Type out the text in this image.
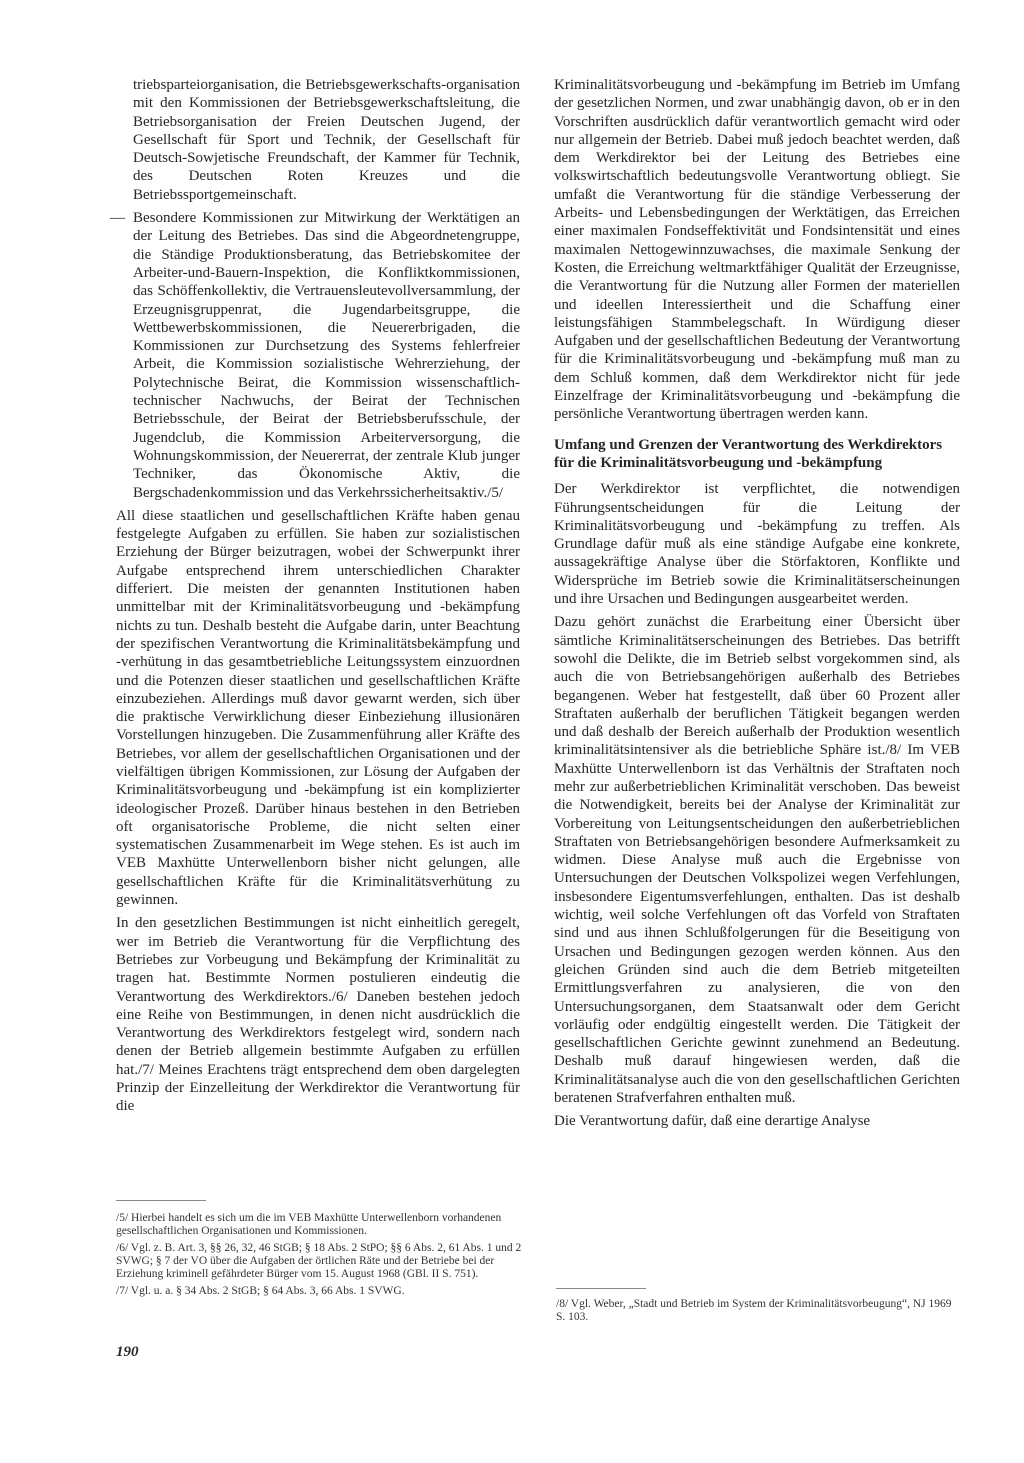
triebsparteiorganisation, die Betriebsgewerkschafts-organisation mit den Kommissionen der Betriebsgewerkschaftsleitung, die Betriebsorganisation der Freien Deutschen Jugend, der Gesellschaft für Sport und Technik, der Gesellschaft für Deutsch-Sowjetische Freundschaft, der Kammer für Technik, des Deutschen Roten Kreuzes und die Betriebssportgemeinschaft.

— Besondere Kommissionen zur Mitwirkung der Werktätigen an der Leitung des Betriebes. Das sind die Abgeordnetengruppe, die Ständige Produktionsberatung, das Betriebskomitee der Arbeiter-und-Bauern-Inspektion, die Konfliktkommissionen, das Schöffenkollektiv, die Vertrauensleutevollversammlung, der Erzeugnisgruppenrat, die Jugendarbeitsgruppe, die Wettbewerbskommissionen, die Neuererbrigaden, die Kommissionen zur Durchsetzung des Systems fehlerfreier Arbeit, die Kommission sozialistische Wehrerziehung, der Polytechnische Beirat, die Kommission wissenschaftlich-technischer Nachwuchs, der Beirat der Technischen Betriebsschule, der Beirat der Betriebsberufsschule, der Jugendclub, die Kommission Arbeiterversorgung, die Wohnungskommission, der Neuererrat, der zentrale Klub junger Techniker, das Ökonomische Aktiv, die Bergschadenkommission und das Verkehrssicherheitsaktiv./5/

All diese staatlichen und gesellschaftlichen Kräfte haben genau festgelegte Aufgaben zu erfüllen. Sie haben zur sozialistischen Erziehung der Bürger beizutragen, wobei der Schwerpunkt ihrer Aufgabe entsprechend ihrem unterschiedlichen Charakter differiert. Die meisten der genannten Institutionen haben unmittelbar mit der Kriminalitätsvorbeugung und -bekämpfung nichts zu tun. Deshalb besteht die Aufgabe darin, unter Beachtung der spezifischen Verantwortung die Kriminalitätsbekämpfung und -verhütung in das gesamtbetriebliche Leitungssystem einzuordnen und die Potenzen dieser staatlichen und gesellschaftlichen Kräfte einzubeziehen. Allerdings muß davor gewarnt werden, sich über die praktische Verwirklichung dieser Einbeziehung illusionären Vorstellungen hinzugeben. Die Zusammenführung aller Kräfte des Betriebes, vor allem der gesellschaftlichen Organisationen und der vielfältigen übrigen Kommissionen, zur Lösung der Aufgaben der Kriminalitätsvorbeugung und -bekämpfung ist ein komplizierter ideologischer Prozeß. Darüber hinaus bestehen in den Betrieben oft organisatorische Probleme, die nicht selten einer systematischen Zusammenarbeit im Wege stehen. Es ist auch im VEB Maxhütte Unterwellenborn bisher nicht gelungen, alle gesellschaftlichen Kräfte für die Kriminalitätsverhütung zu gewinnen.

In den gesetzlichen Bestimmungen ist nicht einheitlich geregelt, wer im Betrieb die Verantwortung für die Verpflichtung des Betriebes zur Vorbeugung und Bekämpfung der Kriminalität zu tragen hat. Bestimmte Normen postulieren eindeutig die Verantwortung des Werkdirektors./6/ Daneben bestehen jedoch eine Reihe von Bestimmungen, in denen nicht ausdrücklich die Verantwortung des Werkdirektors festgelegt wird, sondern nach denen der Betrieb allgemein bestimmte Aufgaben zu erfüllen hat./7/ Meines Erachtens trägt entsprechend dem oben dargelegten Prinzip der Einzelleitung der Werkdirektor die Verantwortung für die

/5/ Hierbei handelt es sich um die im VEB Maxhütte Unterwellenborn vorhandenen gesellschaftlichen Organisationen und Kommissionen.

/6/ Vgl. z. B. Art. 3, §§ 26, 32, 46 StGB; § 18 Abs. 2 StPO; §§ 6 Abs. 2, 61 Abs. 1 und 2 SVWG; § 7 der VO über die Aufgaben der örtlichen Räte und der Betriebe bei der Erziehung kriminell gefährdeter Bürger vom 15. August 1968 (GBl. II S. 751).

/7/ Vgl. u. a. § 34 Abs. 2 StGB; § 64 Abs. 3, 66 Abs. 1 SVWG.

190

Kriminalitätsvorbeugung und -bekämpfung im Betrieb im Umfang der gesetzlichen Normen, und zwar unabhängig davon, ob er in den Vorschriften ausdrücklich dafür verantwortlich gemacht wird oder nur allgemein der Betrieb. Dabei muß jedoch beachtet werden, daß dem Werkdirektor bei der Leitung des Betriebes eine volkswirtschaftlich bedeutungsvolle Verantwortung obliegt. Sie umfaßt die Verantwortung für die ständige Verbesserung der Arbeits- und Lebensbedingungen der Werktätigen, das Erreichen einer maximalen Fondseffektivität und Fondsintensität und eines maximalen Nettogewinnzuwachses, die maximale Senkung der Kosten, die Erreichung weltmarktfähiger Qualität der Erzeugnisse, die Verantwortung für die Nutzung aller Formen der materiellen und ideellen Interessiertheit und die Schaffung einer leistungsfähigen Stammbelegschaft. In Würdigung dieser Aufgaben und der gesellschaftlichen Bedeutung der Verantwortung für die Kriminalitätsvorbeugung und -bekämpfung muß man zu dem Schluß kommen, daß dem Werkdirektor nicht für jede Einzelfrage der Kriminalitätsvorbeugung und -bekämpfung die persönliche Verantwortung übertragen werden kann.

Umfang und Grenzen der Verantwortung des Werkdirektors für die Kriminalitätsvorbeugung und -bekämpfung

Der Werkdirektor ist verpflichtet, die notwendigen Führungsentscheidungen für die Leitung der Kriminalitätsvorbeugung und -bekämpfung zu treffen. Als Grundlage dafür muß als eine ständige Aufgabe eine konkrete, aussagekräftige Analyse über die Störfaktoren, Konflikte und Widersprüche im Betrieb sowie die Kriminalitätserscheinungen und ihre Ursachen und Bedingungen ausgearbeitet werden.

Dazu gehört zunächst die Erarbeitung einer Übersicht über sämtliche Kriminalitätserscheinungen des Betriebes. Das betrifft sowohl die Delikte, die im Betrieb selbst vorgekommen sind, als auch die von Betriebsangehörigen außerhalb des Betriebes begangenen. Weber hat festgestellt, daß über 60 Prozent aller Straftaten außerhalb der beruflichen Tätigkeit begangen werden und daß deshalb der Bereich außerhalb der Produktion wesentlich kriminalitätsintensiver als die betriebliche Sphäre ist./8/ Im VEB Maxhütte Unterwellenborn ist das Verhältnis der Straftaten noch mehr zur außerbetrieblichen Kriminalität verschoben. Das beweist die Notwendigkeit, bereits bei der Analyse der Kriminalität zur Vorbereitung von Leitungsentscheidungen den außerbetrieblichen Straftaten von Betriebsangehörigen besondere Aufmerksamkeit zu widmen. Diese Analyse muß auch die Ergebnisse von Untersuchungen der Deutschen Volkspolizei wegen Verfehlungen, insbesondere Eigentumsverfehlungen, enthalten. Das ist deshalb wichtig, weil solche Verfehlungen oft das Vorfeld von Straftaten sind und aus ihnen Schlußfolgerungen für die Beseitigung von Ursachen und Bedingungen gezogen werden können. Aus den gleichen Gründen sind auch die dem Betrieb mitgeteilten Ermittlungsverfahren zu analysieren, die von den Untersuchungsorganen, dem Staatsanwalt oder dem Gericht vorläufig oder endgültig eingestellt werden. Die Tätigkeit der gesellschaftlichen Gerichte gewinnt zunehmend an Bedeutung. Deshalb muß darauf hingewiesen werden, daß die Kriminalitätsanalyse auch die von den gesellschaftlichen Gerichten beratenen Strafverfahren enthalten muß.

Die Verantwortung dafür, daß eine derartige Analyse

/8/ Vgl. Weber, „Stadt und Betrieb im System der Kriminalitätsvorbeugung“, NJ 1969 S. 103.
